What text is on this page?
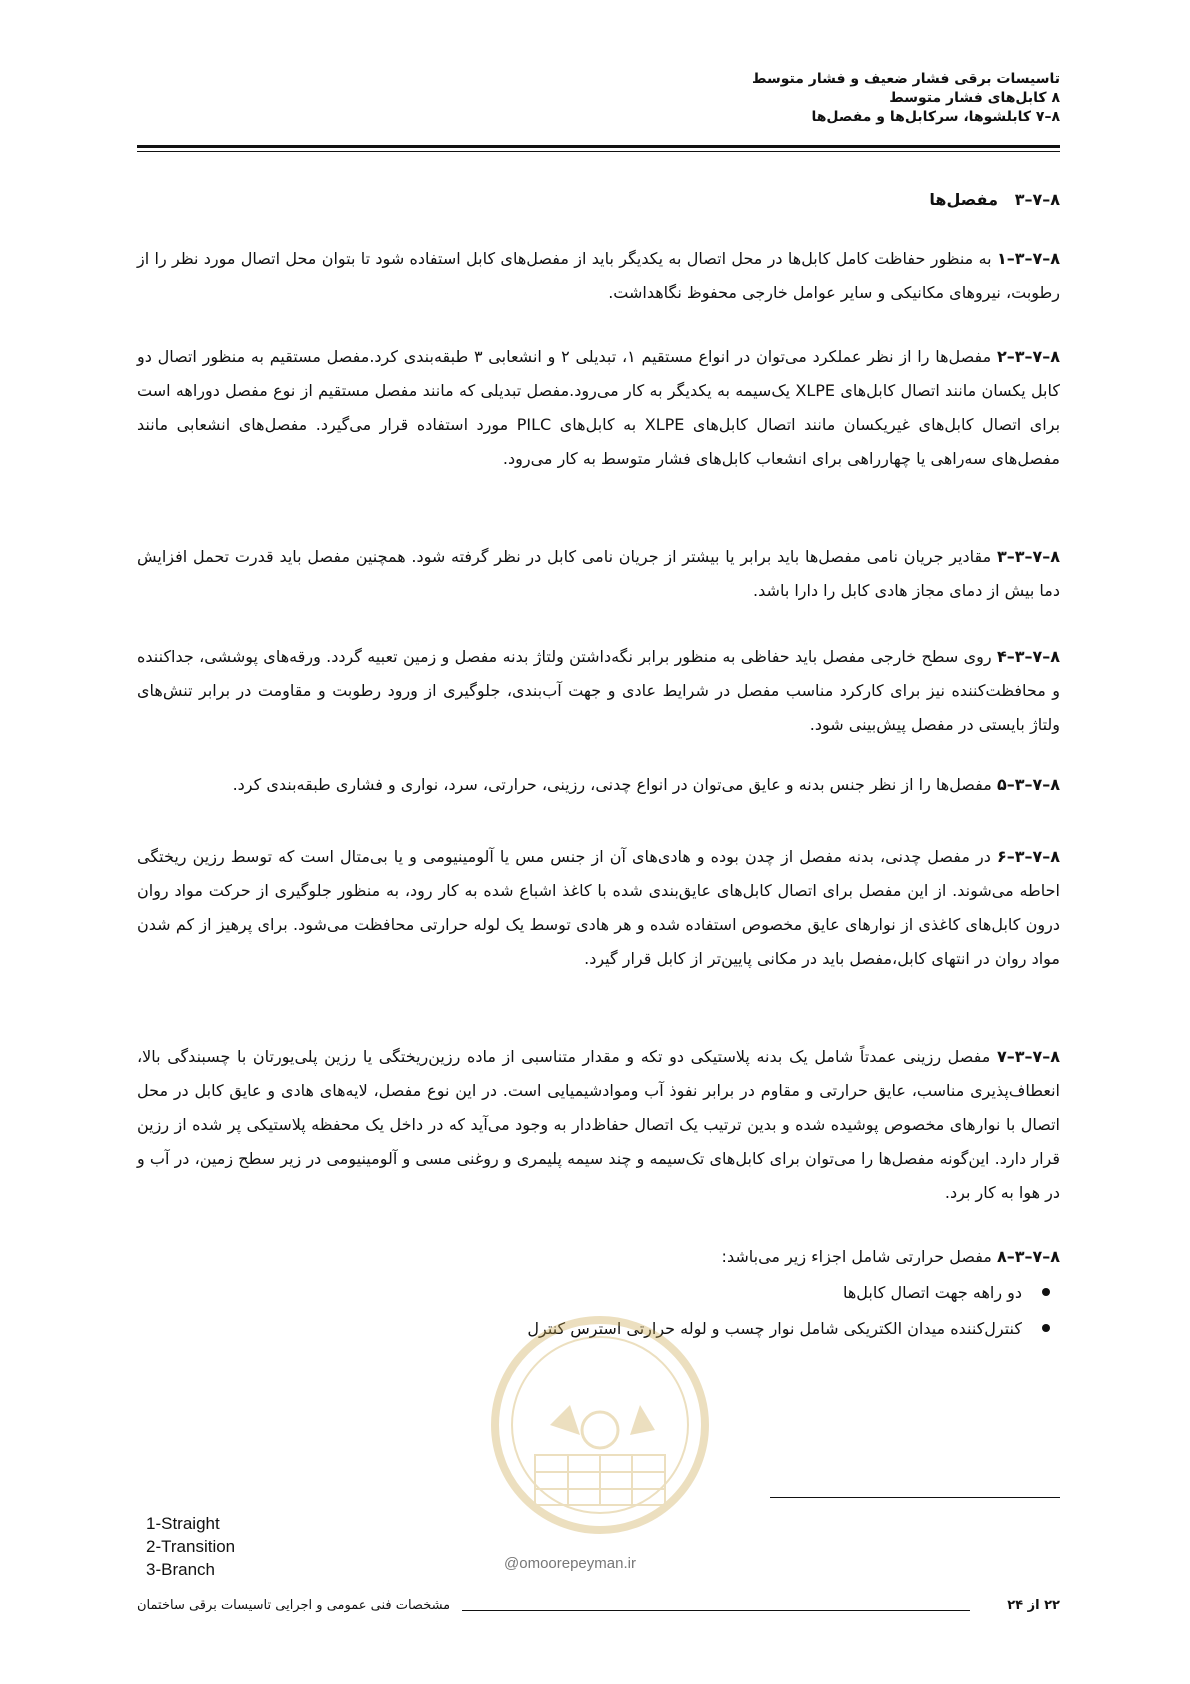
تاسیسات برقی فشار ضعیف و فشار متوسط
۸ کابل‌های فشار متوسط
۸–۷ کابلشوها، سرکابل‌ها و مفصل‌ها
۸–۷–۳   مفصل‌ها
۸–۷–۳–۱ به منظور حفاظت کامل کابل‌ها در محل اتصال به یکدیگر باید از مفصل‌های کابل استفاده شود تا بتوان محل اتصال مورد نظر را از رطوبت، نیروهای مکانیکی و سایر عوامل خارجی محفوظ نگاهداشت.
۸–۷–۳–۲ مفصل‌ها را از نظر عملکرد می‌توان در انواع مستقیم ۱، تبدیلی ۲ و انشعابی ۳ طبقه‌بندی کرد.مفصل مستقیم به منظور اتصال دو کابل یکسان مانند اتصال کابل‌های XLPE یک‌سیمه به یکدیگر به کار می‌رود.مفصل تبدیلی که مانند مفصل مستقیم از نوع مفصل دوراهه است برای اتصال کابل‌های غیریکسان مانند اتصال کابل‌های XLPE به کابل‌های PILC مورد استفاده قرار می‌گیرد. مفصل‌های انشعابی مانند مفصل‌های سه‌راهی یا چهارراهی برای انشعاب کابل‌های فشار متوسط به کار می‌رود.
۸–۷–۳–۳ مقادیر جریان نامی مفصل‌ها باید برابر یا بیشتر از جریان نامی کابل در نظر گرفته شود. همچنین مفصل باید قدرت تحمل افزایش دما بیش از دمای مجاز هادی کابل را دارا باشد.
۸–۷–۳–۴ روی سطح خارجی مفصل باید حفاظی به منظور برابر نگه‌داشتن ولتاژ بدنه مفصل و زمین تعبیه گردد. ورقه‌های پوششی، جداکننده و محافظت‌کننده نیز برای کارکرد مناسب مفصل در شرایط عادی و جهت آب‌بندی، جلوگیری از ورود رطوبت و مقاومت در برابر تنش‌های ولتاژ بایستی در مفصل پیش‌بینی شود.
۸–۷–۳–۵ مفصل‌ها را از نظر جنس بدنه و عایق می‌توان در انواع چدنی، رزینی، حرارتی، سرد، نواری و فشاری طبقه‌بندی کرد.
۸–۷–۳–۶ در مفصل چدنی، بدنه مفصل از چدن بوده و هادی‌های آن از جنس مس یا آلومینیومی و یا بی‌متال است که توسط رزین ریختگی احاطه می‌شوند. از این مفصل برای اتصال کابل‌های عایق‌بندی شده با کاغذ اشباع شده به کار رود، به منظور جلوگیری از حرکت مواد روان درون کابل‌های کاغذی از نوارهای عایق مخصوص استفاده شده و هر هادی توسط یک لوله حرارتی محافظت می‌شود. برای پرهیز از کم شدن مواد روان در انتهای کابل،مفصل باید در مکانی پایین‌تر از کابل قرار گیرد.
۸–۷–۳–۷ مفصل رزینی عمدتاً شامل یک بدنه پلاستیکی دو تکه و مقدار متناسبی از ماده رزین‌ریختگی یا رزین پلی‌یورتان با چسبندگی بالا، انعطاف‌پذیری مناسب، عایق حرارتی و مقاوم در برابر نفوذ آب وموادشیمیایی است. در این نوع مفصل، لایه‌های هادی و عایق کابل در محل اتصال با نوارهای مخصوص پوشیده شده و بدین ترتیب یک اتصال حفاظ‌دار به وجود می‌آید که در داخل یک محفظه پلاستیکی پر شده از رزین قرار دارد. این‌گونه مفصل‌ها را می‌توان برای کابل‌های تک‌سیمه و چند سیمه پلیمری و روغنی مسی و آلومینیومی در زیر سطح زمین، در آب و در هوا به کار برد.
۸–۷–۳–۸ مفصل حرارتی شامل اجزاء زیر می‌باشد:
دو راهه جهت اتصال کابل‌ها
کنترل‌کننده میدان الکتریکی شامل نوار چسب و لوله حرارتی استرس کنترل
@omoorepeyman.ir
1-Straight
2-Transition
3-Branch
۲۲ از ۲۴
مشخصات فنی عمومی و اجرایی تاسیسات برقی ساختمان
